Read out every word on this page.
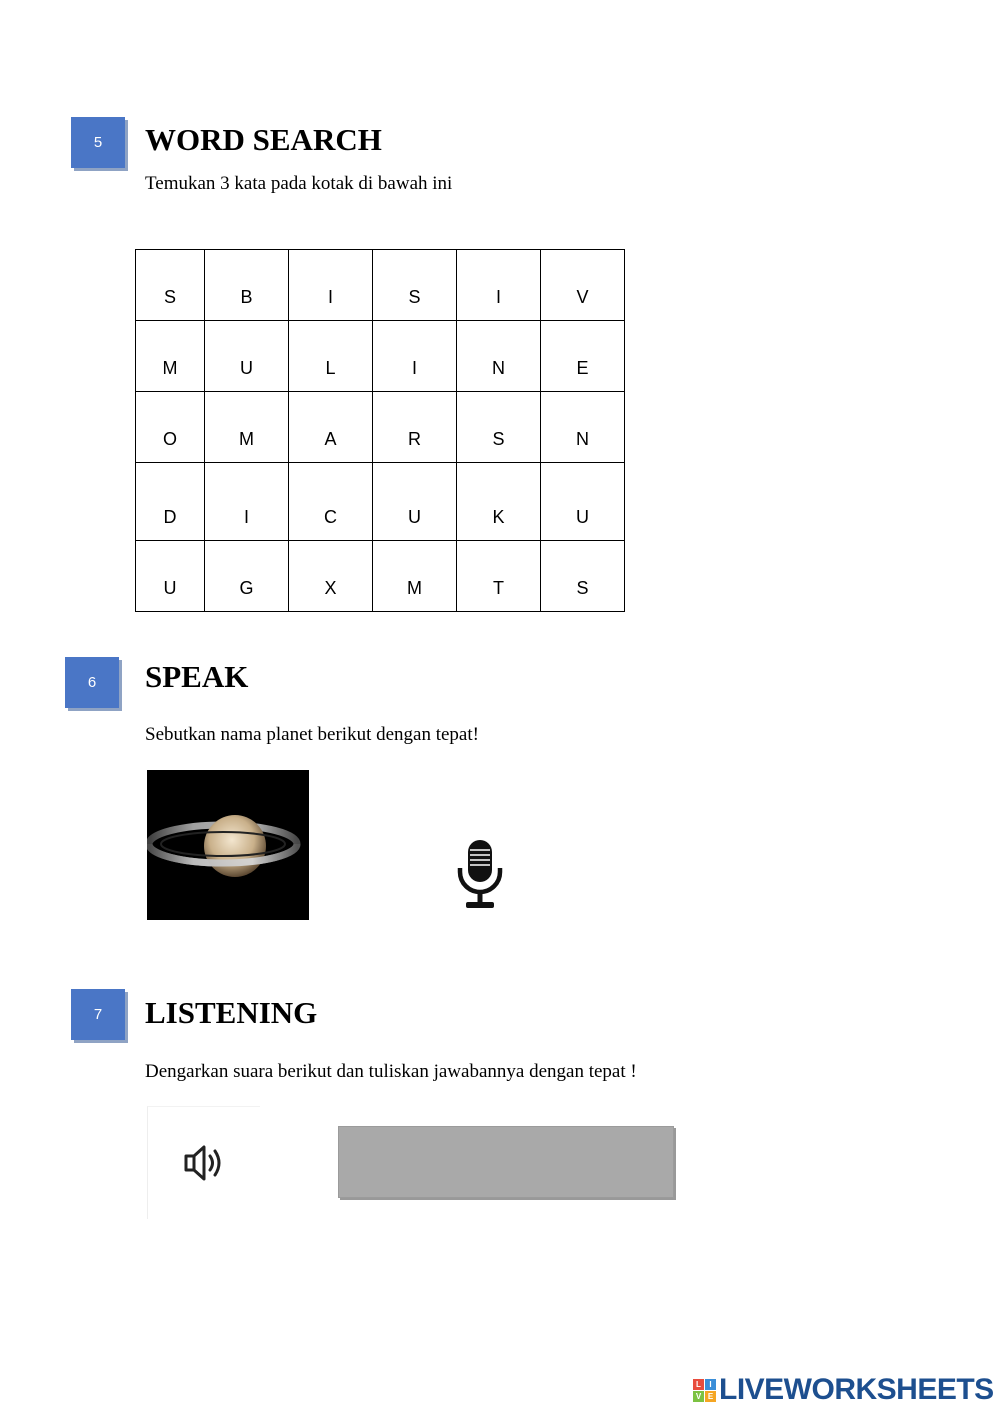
5	WORD SEARCH

Temukan 3 kata pada kotak di bawah ini

S	B	I	S	I	V
M	U	L	I	N	E
O	M	A	R	S	N
D	I	C	U	K	U
U	G	X	M	T	S
6	SPEAK

Sebutkan nama planet berikut dengan tepat!

7	LISTENING

Dengarkan suara berikut dan tuliskan jawabannya dengan tepat !

L	I
V E LIVEWORKSHEETS
